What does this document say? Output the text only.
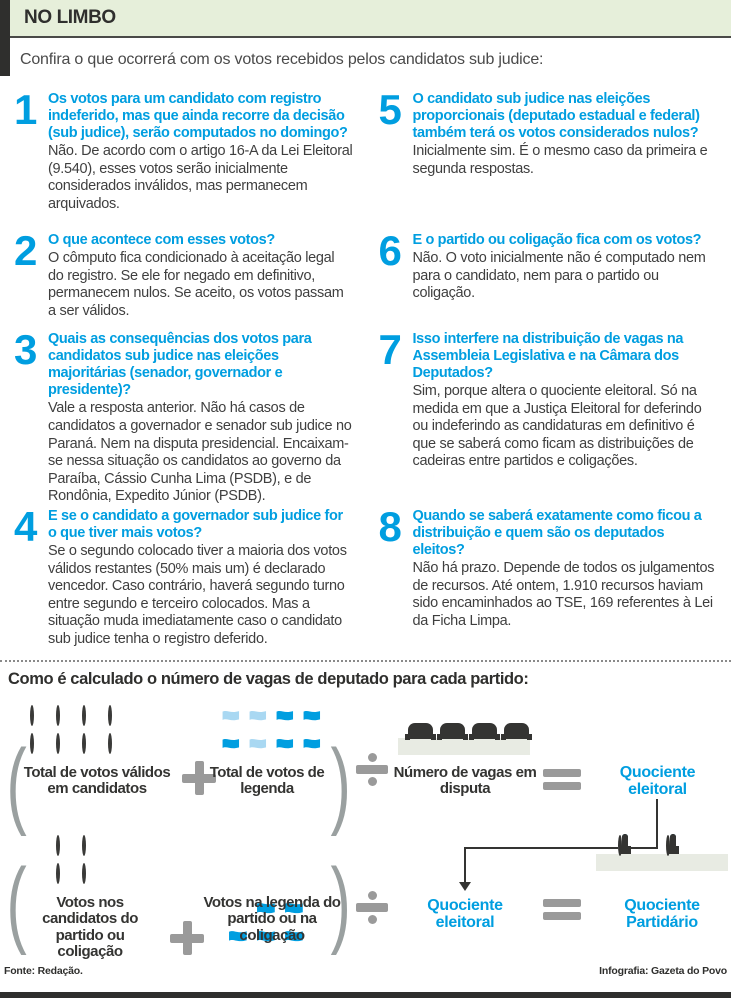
NO LIMBO

Confira o que ocorrerá com os votos recebidos pelos candidatos sub judice:

1 Os votos para um candidato com registro indeferido, mas que ainda recorre da decisão (sub judice), serão computados no domingo?
Não. De acordo com o artigo 16-A da Lei Eleitoral (9.540), esses votos serão inicialmente considerados inválidos, mas permanecem arquivados.
2 O que acontece com esses votos?
O cômputo fica condicionado à aceitação legal do registro. Se ele for negado em definitivo, permanecem nulos. Se aceito, os votos passam a ser válidos.
3 Quais as consequências dos votos para candidatos sub judice nas eleições majoritárias (senador, governador e presidente)?
Vale a resposta anterior. Não há casos de candidatos a governador e senador sub judice no Paraná. Nem na disputa presidencial. Encaixam-se nessa situação os candidatos ao governo da Paraíba, Cássio Cunha Lima (PSDB), e de Rondônia, Expedito Júnior (PSDB).
4 E se o candidato a governador sub judice for o que tiver mais votos?
Se o segundo colocado tiver a maioria dos votos válidos restantes (50% mais um) é declarado vencedor. Caso contrário, haverá segundo turno entre segundo e terceiro colocados. Mas a situação muda imediatamente caso o candidato sub judice tenha o registro deferido.
5 O candidato sub judice nas eleições proporcionais (deputado estadual e federal) também terá os votos considerados nulos?
Inicialmente sim. É o mesmo caso da primeira e segunda respostas.
6 E o partido ou coligação fica com os votos?
Não. O voto inicialmente não é computado nem para o candidato, nem para o partido ou coligação.
7 Isso interfere na distribuição de vagas na Assembleia Legislativa e na Câmara dos Deputados?
Sim, porque altera o quociente eleitoral. Só na medida em que a Justiça Eleitoral for deferindo ou indeferindo as candidaturas em definitivo é que se saberá como ficam as distribuições de cadeiras entre partidos e coligações.
8 Quando se saberá exatamente como ficou a distribuição e quem são os deputados eleitos?
Não há prazo. Depende de todos os julgamentos de recursos. Até ontem, 1.910 recursos haviam sido encaminhados ao TSE, 169 referentes à Lei da Ficha Limpa.
Como é calculado o número de vagas de deputado para cada partido:
(
Total de votos válidos em candidatos
Total de votos de legenda )	Número de vagas em disputa
Quociente eleitoral
(	Votos nos candidatos do partido ou coligação
Votos na legenda do partido ou na coligação )	Quociente eleitoral
Quociente Partidário
Fonte: Redação.	Infografia: Gazeta do Povo
